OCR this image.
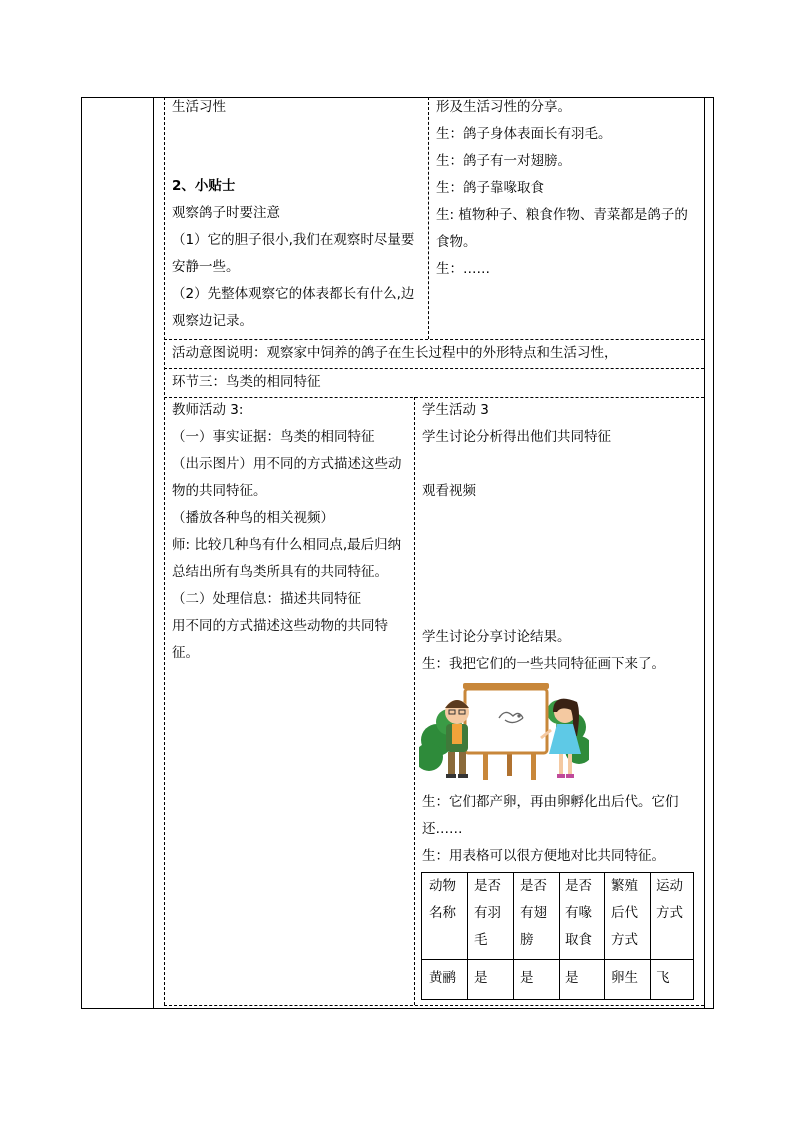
生活习性
2、小贴士
观察鸽子时要注意
（1）它的胆子很小,我们在观察时尽量要
安静一些。
（2）先整体观察它的体表都长有什么,边
观察边记录。
形及生活习性的分享。
生：鸽子身体表面长有羽毛。
生：鸽子有一对翅膀。
生：鸽子靠喙取食
生: 植物种子、粮食作物、青菜都是鸽子的
食物。
生：……
活动意图说明：观察家中饲养的鸽子在生长过程中的外形特点和生活习性，
环节三：鸟类的相同特征
教师活动 3:
（一）事实证据：鸟类的相同特征
（出示图片）用不同的方式描述这些动
物的共同特征。
（播放各种鸟的相关视频）
师: 比较几种鸟有什么相同点,最后归纳
总结出所有鸟类所具有的共同特征。
（二）处理信息：描述共同特征
用不同的方式描述这些动物的共同特
征。
学生活动 3
学生讨论分析得出他们共同特征
观看视频
学生讨论分享讨论结果。
生：我把它们的一些共同特征画下来了。
生：它们都产卵，再由卵孵化出后代。它们
还……
生：用表格可以很方便地对比共同特征。
动物
名称
是否
有羽
毛
是否
有翅
膀
是否
有喙
取食
繁殖
后代
方式
运动
方式
黄鹂 是 是 是 卵生 飞
